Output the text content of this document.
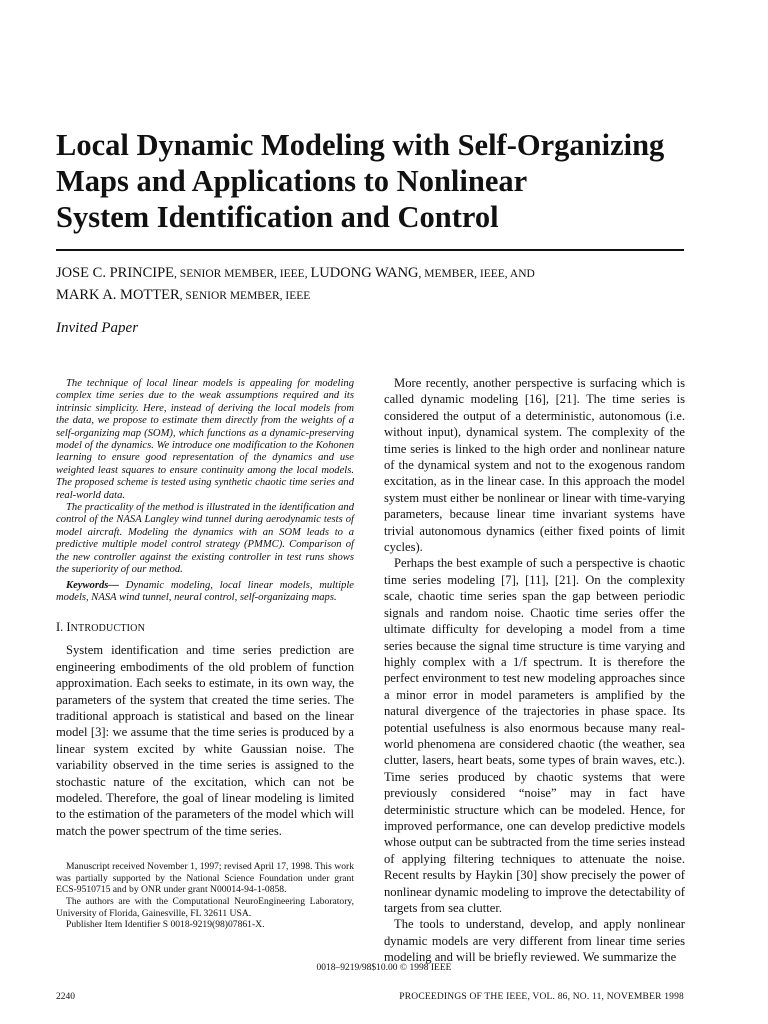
Local Dynamic Modeling with Self-Organizing
Maps and Applications to Nonlinear
System Identification and Control
JOSE C. PRINCIPE, SENIOR MEMBER, IEEE, LUDONG WANG, MEMBER, IEEE, AND
MARK A. MOTTER, SENIOR MEMBER, IEEE
Invited Paper

The technique of local linear models is appealing for modeling complex time series due to the weak assumptions required and its intrinsic simplicity. Here, instead of deriving the local models from the data, we propose to estimate them directly from the weights of a self-organizing map (SOM), which functions as a dynamic-preserving model of the dynamics. We introduce one modification to the Kohonen learning to ensure good representation of the dynamics and use weighted least squares to ensure continuity among the local models. The proposed scheme is tested using synthetic chaotic time series and real-world data.

The practicality of the method is illustrated in the identification and control of the NASA Langley wind tunnel during aerodynamic tests of model aircraft. Modeling the dynamics with an SOM leads to a predictive multiple model control strategy (PMMC). Comparison of the new controller against the existing controller in test runs shows the superiority of our method.

Keywords— Dynamic modeling, local linear models, multiple models, NASA wind tunnel, neural control, self-organizaing maps.

I. INTRODUCTION

System identification and time series prediction are engineering embodiments of the old problem of function approximation. Each seeks to estimate, in its own way, the parameters of the system that created the time series. The traditional approach is statistical and based on the linear model [3]: we assume that the time series is produced by a linear system excited by white Gaussian noise. The variability observed in the time series is assigned to the stochastic nature of the excitation, which can not be modeled. Therefore, the goal of linear modeling is limited to the estimation of the parameters of the model which will match the power spectrum of the time series.

Manuscript received November 1, 1997; revised April 17, 1998. This work was partially supported by the National Science Foundation under grant ECS-9510715 and by ONR under grant N00014-94-1-0858.

The authors are with the Computational NeuroEngineering Laboratory, University of Florida, Gainesville, FL 32611 USA.

Publisher Item Identifier S 0018-9219(98)07861-X.

More recently, another perspective is surfacing which is called dynamic modeling [16], [21]. The time series is considered the output of a deterministic, autonomous (i.e. without input), dynamical system. The complexity of the time series is linked to the high order and nonlinear nature of the dynamical system and not to the exogenous random excitation, as in the linear case. In this approach the model system must either be nonlinear or linear with time-varying parameters, because linear time invariant systems have trivial autonomous dynamics (either fixed points of limit cycles).

Perhaps the best example of such a perspective is chaotic time series modeling [7], [11], [21]. On the complexity scale, chaotic time series span the gap between periodic signals and random noise. Chaotic time series offer the ultimate difficulty for developing a model from a time series because the signal time structure is time varying and highly complex with a 1/f spectrum. It is therefore the perfect environment to test new modeling approaches since a minor error in model parameters is amplified by the natural divergence of the trajectories in phase space. Its potential usefulness is also enormous because many real-world phenomena are considered chaotic (the weather, sea clutter, lasers, heart beats, some types of brain waves, etc.). Time series produced by chaotic systems that were previously considered “noise” may in fact have deterministic structure which can be modeled. Hence, for improved performance, one can develop predictive models whose output can be subtracted from the time series instead of applying filtering techniques to attenuate the noise. Recent results by Haykin [30] show precisely the power of nonlinear dynamic modeling to improve the detectability of targets from sea clutter.

The tools to understand, develop, and apply nonlinear dynamic models are very different from linear time series modeling and will be briefly reviewed. We summarize the

0018–9219/98$10.00 © 1998 IEEE
2240	PROCEEDINGS OF THE IEEE, VOL. 86, NO. 11, NOVEMBER 1998
